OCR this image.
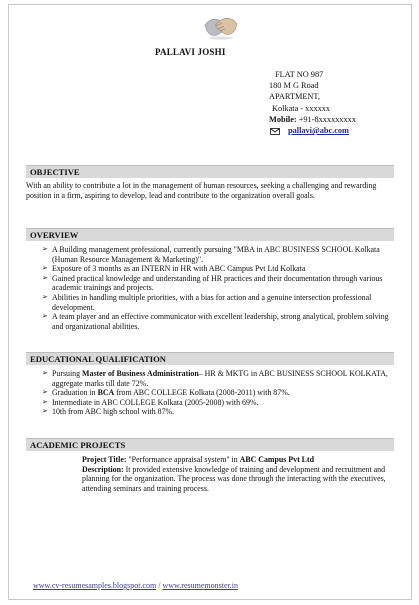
PALLAVI JOSHI
FLAT NO 987
180 M G Road
APARTMENT,
Kolkata - xxxxxx
Mobile: +91-8xxxxxxxxx
pallavi@abc.com
OBJECTIVE
With an ability to contribute a lot in the management of human resources, seeking a challenging and rewarding position in a firm, aspiring to develop, lead and contribute to the organization overall goals.
OVERVIEW
➢ A Building management professional, currently pursuing "MBA in ABC BUSINESS SCHOOL Kolkata (Human Resource Management & Marketing)".
➢ Exposure of 3 months as an INTERN in HR with ABC Campus Pvt Ltd Kolkata
➢ Gained practical knowledge and understanding of HR practices and their documentation through various academic trainings and projects.
➢ Abilities in handling multiple priorities, with a bias for action and a genuine intersection professional development.
➢ A team player and an effective communicator with excellent leadership, strong analytical, problem solving and organizational abilities.
EDUCATIONAL QUALIFICATION
➢ Pursuing Master of Business Administration– HR & MKTG in ABC BUSINESS SCHOOL KOLKATA, aggregate marks till date 72%.
➢ Graduation in BCA from ABC COLLEGE Kolkata (2008-2011) with 87%.
➢ Intermediate in ABC COLLEGE Kolkata (2005-2008) with 69%.
➢ 10th from ABC high school with 87%.
ACADEMIC PROJECTS
Project Title: "Performance appraisal system" in ABC Campus Pvt Ltd
Description: It provided extensive knowledge of training and development and recruitment and planning for the organization. The process was done through the interacting with the executives, attending seminars and training process.
www.cv-resumesamples.blogspot.com / www.resumemonster.in
